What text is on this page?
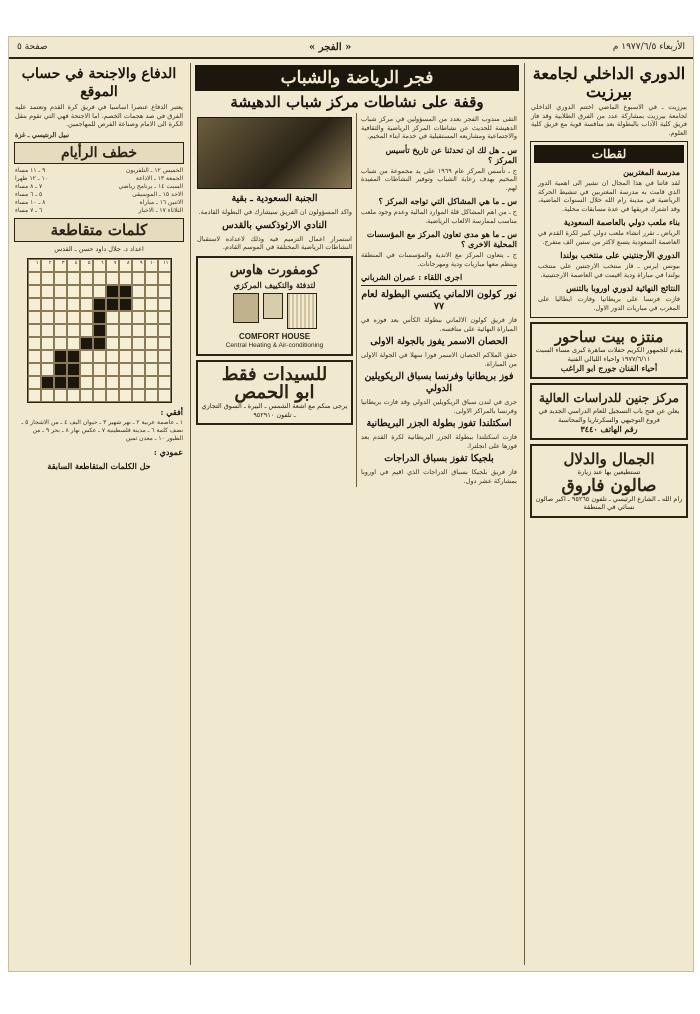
الأربعاء ١٩٧٧/٦/٥ م
« الفجر »
صفحة ٥
الدوري الداخلي لجامعة بيرزيت
بيرزيت ـ في الاسبوع الماضي اختتم الدوري الداخلي لجامعة بيرزيت بمشاركة عدد من الفرق الطلابية وقد فاز فريق كلية الآداب بالبطولة بعد منافسة قوية مع فريق كلية العلوم.
لقطات
مدرسة المغتربين
لقد فاتنا في هذا المجال ان نشير الى اهمية الدور الذي قامت به مدرسة المغتربين في تنشيط الحركة الرياضية في مدينة رام الله خلال السنوات الماضية، وقد اشترك فريقها في عدة مسابقات محلية.
بناء ملعب دولي بالعاصمة السعودية
الرياض ـ تقرر انشاء ملعب دولي كبير لكرة القدم في العاصمة السعودية يتسع لاكثر من ستين الف متفرج.
الدوري الأرجنتيني على منتخب بولندا
بيونس ايرس ـ فاز منتخب الارجنتين على منتخب بولندا في مباراة ودية اقيمت في العاصمة الارجنتينية.
النتائج النهائية لدوري اوروبا بالتنس
فازت فرنسا على بريطانيا وفازت ايطاليا على المغرب في مباريات الدور الاول.
منتزه بيت ساحور
يقدم للجمهور الكريم حفلات ساهرة كبرى مساء السبت ١٩٧٧/٦/١١ واحياء الليالي الفنية
أحياء الفنان جورج ابو الراغب
مركز جنين للدراسات العالية
يعلن عن فتح باب التسجيل للعام الدراسي الجديد في فروع التوجيهي والسكرتاريا والمحاسبة
رقم الهاتف ٣٤٤٠
الجمال والدلال
تستطيعين بها عند زيارة
صالون فاروق
رام الله ـ الشارع الرئيسي ـ تلفون ٩٥٢٦٥ ـ اكبر صالون نسائي في المنطقة
فجر الرياضة والشباب
وقفة على نشاطات مركز شباب الدهيشة
التقى مندوب الفجر بعدد من المسؤولين في مركز شباب الدهيشة للحديث عن نشاطات المركز الرياضية والثقافية والاجتماعية ومشاريعه المستقبلية في خدمة ابناء المخيم.
س ـ هل لك ان تحدثنا عن تاريخ تأسيس المركز ؟
ج ـ تأسس المركز عام ١٩٦٩ على يد مجموعة من شباب المخيم بهدف رعاية الشباب وتوفير النشاطات المفيدة لهم.
س ـ ما هي المشاكل التي تواجه المركز ؟
ج ـ من اهم المشاكل قلة الموارد المالية وعدم وجود ملعب مناسب لممارسة الالعاب الرياضية.
س ـ ما هو مدى تعاون المركز مع المؤسسات المحلية الاخرى ؟
ج ـ يتعاون المركز مع الاندية والمؤسسات في المنطقة وينظم معها مباريات ودية ومهرجانات.
اجرى اللقاء : عمران الشرباني
نور كولون الالماني يكتسي البطولة لعام ٧٧
فاز فريق كولون الالماني ببطولة الكأس بعد فوزه في المباراة النهائية على منافسه.
الحصان الاسمر يفوز بالجولة الاولى
حقق الملاكم الحصان الاسمر فوزا سهلا في الجولة الاولى من المباراة.
فوز بريطانيا وفرنسا بسباق الريكويلين الدولي
جرى في لندن سباق الريكويلين الدولي وقد فازت بريطانيا وفرنسا بالمراكز الاولى.
اسكتلندا تفوز بطولة الجزر البريطانية
فازت اسكتلندا ببطولة الجزر البريطانية لكرة القدم بعد فوزها على انجلترا.
بلجيكا تفوز بسباق الدراجات
فاز فريق بلجيكا بسباق الدراجات الذي اقيم في اوروبا بمشاركة عشر دول.
الجنبة السعودية ـ بقية
واكد المسؤولون ان الفريق سيشارك في البطولة القادمة.
النادي الارثوذكسي بالقدس
استمرار اعمال الترميم فيه وذلك لاعداده لاستقبال النشاطات الرياضية المختلفة في الموسم القادم.
كومفورت هاوس
لتدفئة والتكييف المركزي
COMFORT HOUSE
Central Heating & Air-conditioning
للسيدات فقط
ابو الحمص
يرجى منكم مع اشعة الشمس ـ البيرة ـ السوق التجاري ـ تلفون ٩٥٢٩١٠
الدفاع والاجنحة في حساب الموقع
يعتبر الدفاع عنصرا اساسيا في فريق كرة القدم وتعتمد عليه الفرق في صد هجمات الخصم، اما الاجنحة فهي التي تقوم بنقل الكرة الى الامام وصناعة الفرص للمهاجمين.
نبيل الرنتيسي ـ غزة
خطف الرأيام
الخميس ١٢ ـ التلفزيون
٩ ـ ١١ مساء
الجمعة ١٣ ـ الاذاعة
١٠ ـ ١٢ ظهرا
السبت ١٤ ـ برنامج رياضي
٧ ـ ٨ مساء
الاحد ١٥ ـ الموسيقى
٥ ـ ٦ مساء
الاثنين ١٦ ـ مباراة
٨ ـ ١٠ مساء
الثلاثاء ١٧ ـ الاخبار
٦ ـ ٧ مساء
كلمات متقاطعة
اعداد د. جلال داود حسن ـ القدس
١١
١٠
٩
٨
٧
٦
٥
٤
٣
٢
١
أفقي :
١ ـ عاصمة عربية ٢ ـ نهر شهير ٣ ـ حيوان اليف ٤ ـ من الاشجار ٥ ـ نصف كلمة ٦ ـ مدينة فلسطينية ٧ ـ عكس نهار ٨ ـ بحر ٩ ـ من الطيور ١٠ ـ معدن ثمين
عمودي :
حل الكلمات المتقاطعة السابقة
